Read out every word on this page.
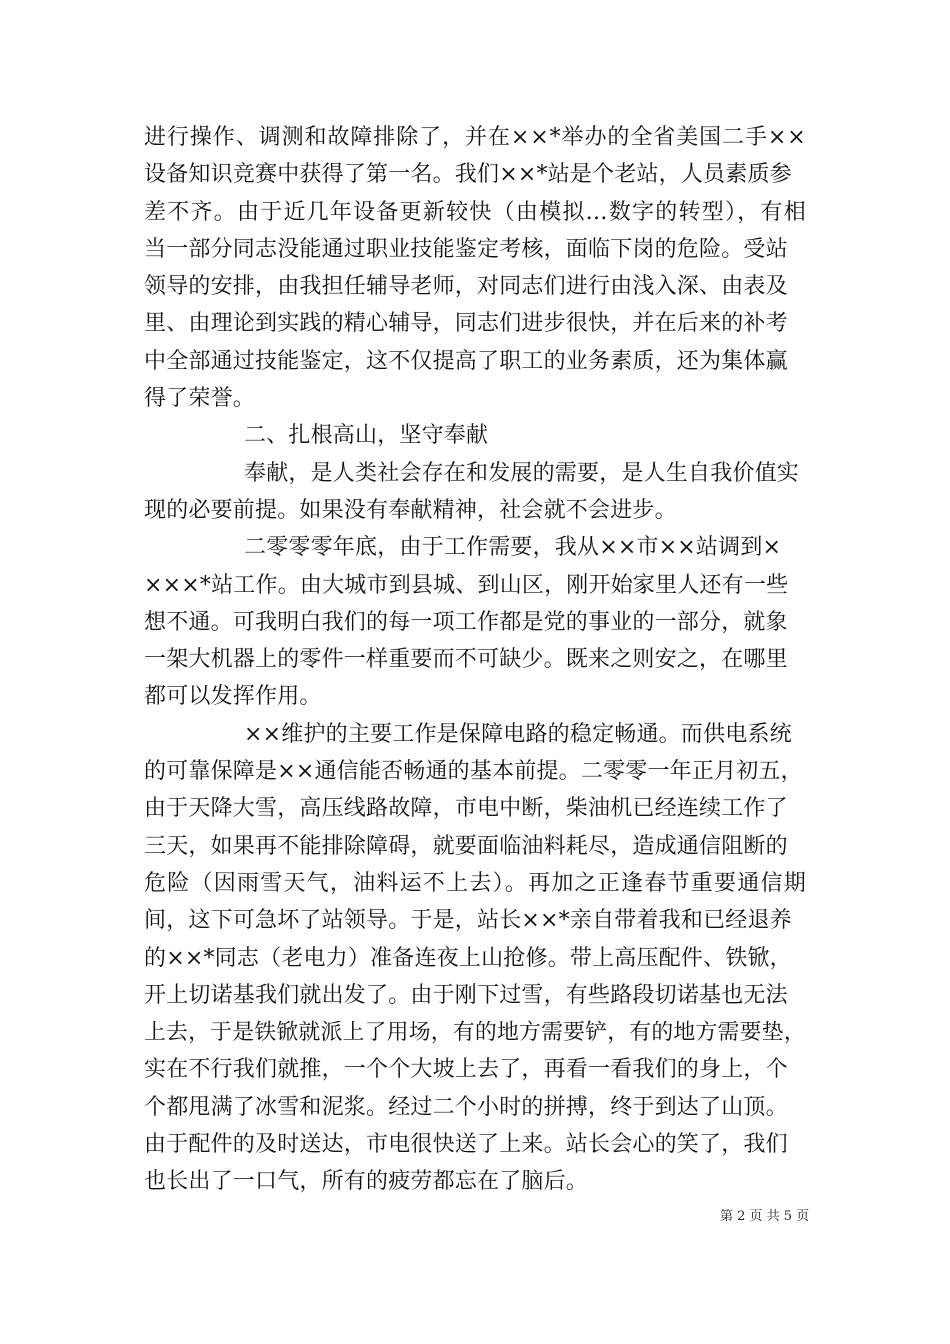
进行操作、调测和故障排除了，并在××*举办的全省美国二手××
设备知识竞赛中获得了第一名。我们××*站是个老站，人员素质参
差不齐。由于近几年设备更新较快（由模拟…数字的转型），有相
当一部分同志没能通过职业技能鉴定考核，面临下岗的危险。受站
领导的安排，由我担任辅导老师，对同志们进行由浅入深、由表及
里、由理论到实践的精心辅导，同志们进步很快，并在后来的补考
中全部通过技能鉴定，这不仅提高了职工的业务素质，还为集体赢
得了荣誉。
二、扎根高山，坚守奉献
奉献，是人类社会存在和发展的需要，是人生自我价值实
现的必要前提。如果没有奉献精神，社会就不会进步。
二零零零年底，由于工作需要，我从××市××站调到×
×××*站工作。由大城市到县城、到山区，刚开始家里人还有一些
想不通。可我明白我们的每一项工作都是党的事业的一部分，就象
一架大机器上的零件一样重要而不可缺少。既来之则安之，在哪里
都可以发挥作用。
××维护的主要工作是保障电路的稳定畅通。而供电系统
的可靠保障是××通信能否畅通的基本前提。二零零一年正月初五，
由于天降大雪，高压线路故障，市电中断，柴油机已经连续工作了
三天，如果再不能排除障碍，就要面临油料耗尽，造成通信阻断的
危险（因雨雪天气，油料运不上去）。再加之正逢春节重要通信期
间，这下可急坏了站领导。于是，站长××*亲自带着我和已经退养
的××*同志（老电力）准备连夜上山抢修。带上高压配件、铁锨，
开上切诺基我们就出发了。由于刚下过雪，有些路段切诺基也无法
上去，于是铁锨就派上了用场，有的地方需要铲，有的地方需要垫，
实在不行我们就推，一个个大坡上去了，再看一看我们的身上，个
个都甩满了冰雪和泥浆。经过二个小时的拼搏，终于到达了山顶。
由于配件的及时送达，市电很快送了上来。站长会心的笑了，我们
也长出了一口气，所有的疲劳都忘在了脑后。
第 2 页 共 5 页
